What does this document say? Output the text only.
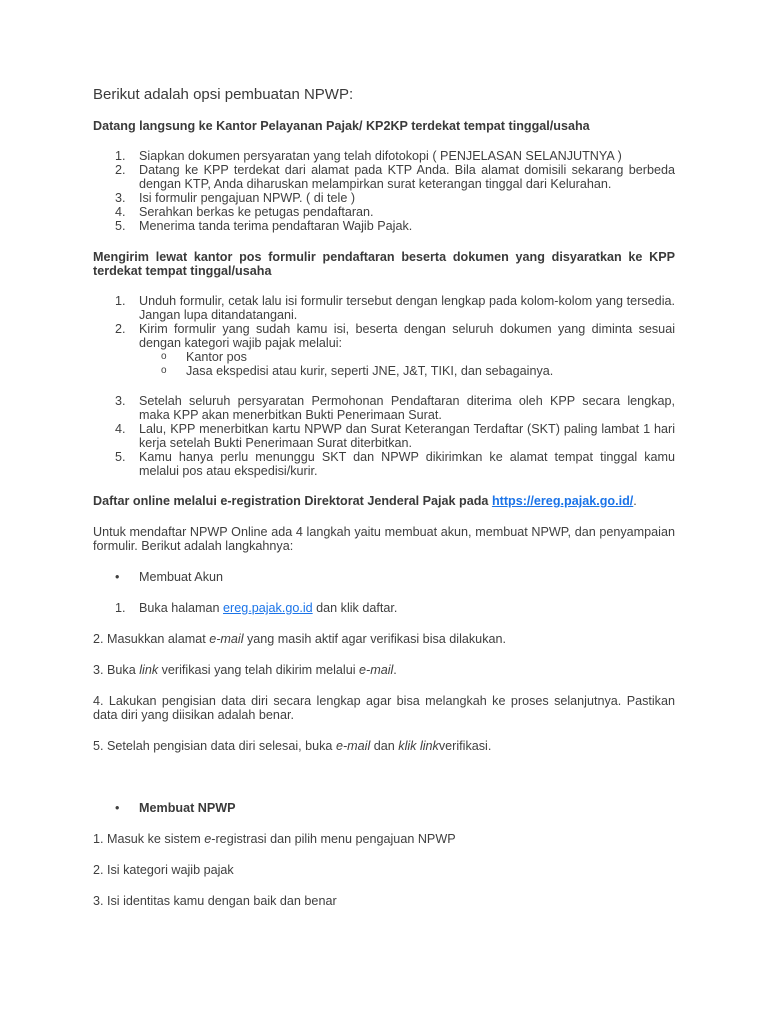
Berikut adalah opsi pembuatan NPWP:

Datang langsung ke Kantor Pelayanan Pajak/ KP2KP terdekat tempat tinggal/usaha

1. Siapkan dokumen persyaratan yang telah difotokopi ( PENJELASAN SELANJUTNYA )
2. Datang ke KPP terdekat dari alamat pada KTP Anda. Bila alamat domisili sekarang berbeda dengan KTP, Anda diharuskan melampirkan surat keterangan tinggal dari Kelurahan.
3. Isi formulir pengajuan NPWP. ( di tele )
4. Serahkan berkas ke petugas pendaftaran.
5. Menerima tanda terima pendaftaran Wajib Pajak.

Mengirim lewat kantor pos formulir pendaftaran beserta dokumen yang disyaratkan ke KPP terdekat tempat tinggal/usaha

1. Unduh formulir, cetak lalu isi formulir tersebut dengan lengkap pada kolom-kolom yang tersedia. Jangan lupa ditandatangani.
2. Kirim formulir yang sudah kamu isi, beserta dengan seluruh dokumen yang diminta sesuai dengan kategori wajib pajak melalui:
o Kantor pos
o Jasa ekspedisi atau kurir, seperti JNE, J&T, TIKI, dan sebagainya.
3. Setelah seluruh persyaratan Permohonan Pendaftaran diterima oleh KPP secara lengkap, maka KPP akan menerbitkan Bukti Penerimaan Surat.
4. Lalu, KPP menerbitkan kartu NPWP dan Surat Keterangan Terdaftar (SKT) paling lambat 1 hari kerja setelah Bukti Penerimaan Surat diterbitkan.
5. Kamu hanya perlu menunggu SKT dan NPWP dikirimkan ke alamat tempat tinggal kamu melalui pos atau ekspedisi/kurir.

Daftar online melalui e-registration Direktorat Jenderal Pajak pada https://ereg.pajak.go.id/.

Untuk mendaftar NPWP Online ada 4 langkah yaitu membuat akun, membuat NPWP, dan penyampaian formulir. Berikut adalah langkahnya:

• Membuat Akun
1. Buka halaman ereg.pajak.go.id dan klik daftar.

2. Masukkan alamat e-mail yang masih aktif agar verifikasi bisa dilakukan.

3. Buka link verifikasi yang telah dikirim melalui e-mail.

4. Lakukan pengisian data diri secara lengkap agar bisa melangkah ke proses selanjutnya. Pastikan data diri yang diisikan adalah benar.

5. Setelah pengisian data diri selesai, buka e-mail dan klik linkverifikasi.

• Membuat NPWP

1. Masuk ke sistem e-registrasi dan pilih menu pengajuan NPWP

2. Isi kategori wajib pajak

3. Isi identitas kamu dengan baik dan benar
